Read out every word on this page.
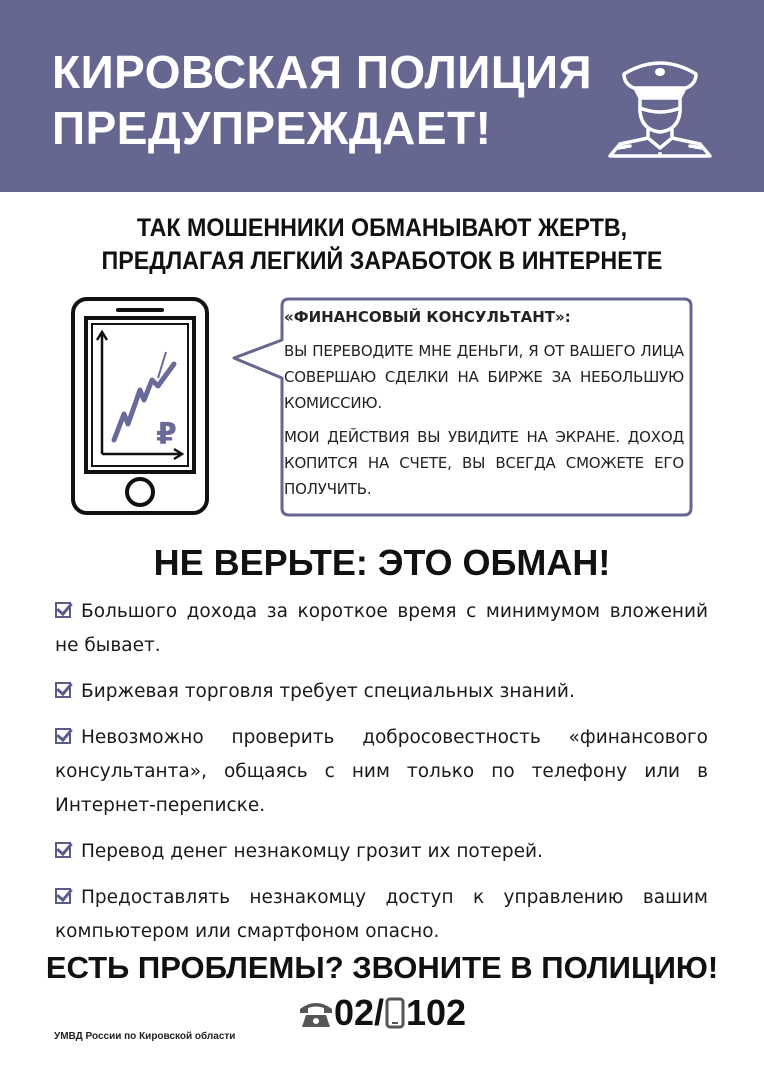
КИРОВСКАЯ ПОЛИЦИЯ
ПРЕДУПРЕЖДАЕТ!
ТАК МОШЕННИКИ ОБМАНЫВАЮТ ЖЕРТВ,
ПРЕДЛАГАЯ ЛЕГКИЙ ЗАРАБОТОК В ИНТЕРНЕТЕ
₽
«ФИНАНСОВЫЙ КОНСУЛЬТАНТ»:

ВЫ ПЕРЕВОДИТЕ МНЕ ДЕНЬГИ, Я ОТ ВАШЕГО ЛИЦА СОВЕРШАЮ СДЕЛКИ НА БИРЖЕ ЗА НЕБОЛЬШУЮ КОМИССИЮ.

МОИ ДЕЙСТВИЯ ВЫ УВИДИТЕ НА ЭКРАНЕ. ДОХОД КОПИТСЯ НА СЧЕТЕ, ВЫ ВСЕГДА СМОЖЕТЕ ЕГО ПОЛУЧИТЬ.

НЕ ВЕРЬТЕ: ЭТО ОБМАН!
Большого дохода за короткое время с минимумом вложений не бывает.
Биржевая торговля требует специальных знаний.
Невозможно проверить добросовестность «финансового консультанта», общаясь с ним только по телефону или в Интернет-переписке.
Перевод денег незнакомцу грозит их потерей.
Предоставлять незнакомцу доступ к управлению вашим компьютером или смартфоном опасно.
ЕСТЬ ПРОБЛЕМЫ? ЗВОНИТЕ В ПОЛИЦИЮ!
02/ 102
УМВД России по Кировской области
